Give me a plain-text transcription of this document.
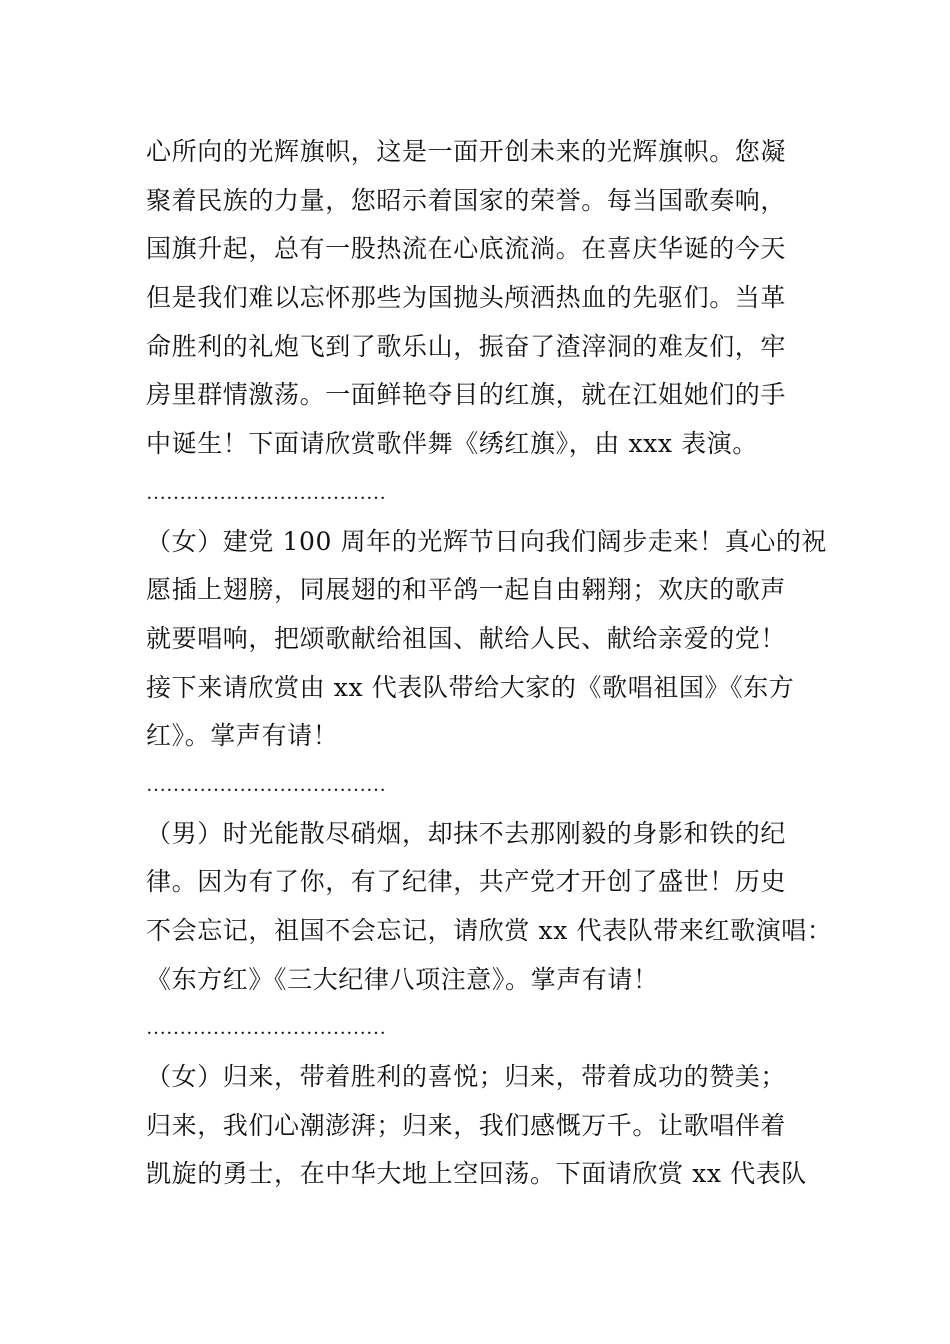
心所向的光辉旗帜，这是一面开创未来的光辉旗帜。您凝
聚着民族的力量，您昭示着国家的荣誉。每当国歌奏响，
国旗升起，总有一股热流在心底流淌。在喜庆华诞的今天
但是我们难以忘怀那些为国抛头颅洒热血的先驱们。当革
命胜利的礼炮飞到了歌乐山，振奋了渣滓洞的难友们，牢
房里群情激荡。一面鲜艳夺目的红旗，就在江姐她们的手
中诞生！下面请欣赏歌伴舞《绣红旗》，由 xxx 表演。
………………………………
（女）建党 100 周年的光辉节日向我们阔步走来！真心的祝
愿插上翅膀，同展翅的和平鸽一起自由翱翔；欢庆的歌声
就要唱响，把颂歌献给祖国、献给人民、献给亲爱的党！
接下来请欣赏由 xx 代表队带给大家的《歌唱祖国》《东方
红》。掌声有请！
………………………………
（男）时光能散尽硝烟，却抹不去那刚毅的身影和铁的纪
律。因为有了你，有了纪律，共产党才开创了盛世！历史
不会忘记，祖国不会忘记，请欣赏 xx 代表队带来红歌演唱：
《东方红》《三大纪律八项注意》。掌声有请！
………………………………
（女）归来，带着胜利的喜悦；归来，带着成功的赞美；
归来，我们心潮澎湃；归来，我们感慨万千。让歌唱伴着
凯旋的勇士，在中华大地上空回荡。下面请欣赏 xx 代表队
